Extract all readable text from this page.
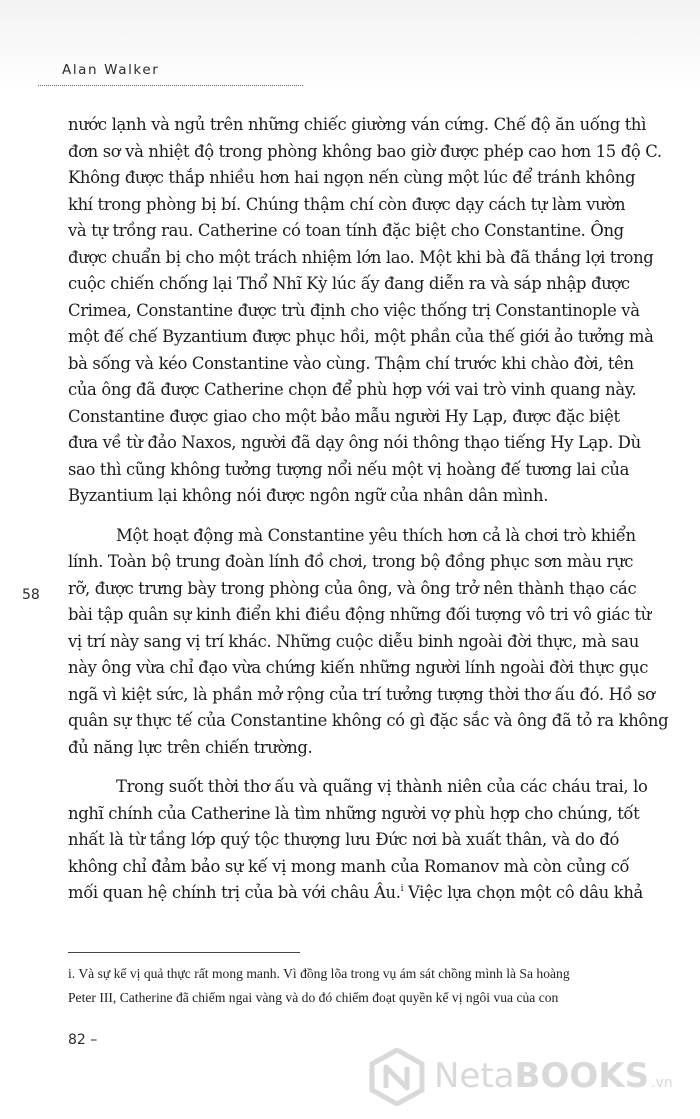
Alan Walker
58
nước lạnh và ngủ trên những chiếc giường ván cứng. Chế độ ăn uống thì
đơn sơ và nhiệt độ trong phòng không bao giờ được phép cao hơn 15 độ C.
Không được thắp nhiều hơn hai ngọn nến cùng một lúc để tránh không
khí trong phòng bị bí. Chúng thậm chí còn được dạy cách tự làm vườn
và tự trồng rau. Catherine có toan tính đặc biệt cho Constantine. Ông
được chuẩn bị cho một trách nhiệm lớn lao. Một khi bà đã thắng lợi trong
cuộc chiến chống lại Thổ Nhĩ Kỳ lúc ấy đang diễn ra và sáp nhập được
Crimea, Constantine được trù định cho việc thống trị Constantinople và
một đế chế Byzantium được phục hồi, một phần của thế giới ảo tưởng mà
bà sống và kéo Constantine vào cùng. Thậm chí trước khi chào đời, tên
của ông đã được Catherine chọn để phù hợp với vai trò vinh quang này.
Constantine được giao cho một bảo mẫu người Hy Lạp, được đặc biệt
đưa về từ đảo Naxos, người đã dạy ông nói thông thạo tiếng Hy Lạp. Dù
sao thì cũng không tưởng tượng nổi nếu một vị hoàng đế tương lai của
Byzantium lại không nói được ngôn ngữ của nhân dân mình.
Một hoạt động mà Constantine yêu thích hơn cả là chơi trò khiển
lính. Toàn bộ trung đoàn lính đồ chơi, trong bộ đồng phục sơn màu rực
rỡ, được trưng bày trong phòng của ông, và ông trở nên thành thạo các
bài tập quân sự kinh điển khi điều động những đối tượng vô tri vô giác từ
vị trí này sang vị trí khác. Những cuộc diễu binh ngoài đời thực, mà sau
này ông vừa chỉ đạo vừa chứng kiến những người lính ngoài đời thực gục
ngã vì kiệt sức, là phần mở rộng của trí tưởng tượng thời thơ ấu đó. Hồ sơ
quân sự thực tế của Constantine không có gì đặc sắc và ông đã tỏ ra không
đủ năng lực trên chiến trường.
Trong suốt thời thơ ấu và quãng vị thành niên của các cháu trai, lo
nghĩ chính của Catherine là tìm những người vợ phù hợp cho chúng, tốt
nhất là từ tầng lớp quý tộc thượng lưu Đức nơi bà xuất thân, và do đó
không chỉ đảm bảo sự kế vị mong manh của Romanov mà còn củng cố
mối quan hệ chính trị của bà với châu Âu.$^i$ Việc lựa chọn một cô dâu khả
i. Và sự kế vị quả thực rất mong manh. Vì đồng lõa trong vụ ám sát chồng mình là Sa hoàng
Peter III, Catherine đã chiếm ngai vàng và do đó chiếm đoạt quyền kế vị ngôi vua của con
82 –
NetaBOOKS .vn
